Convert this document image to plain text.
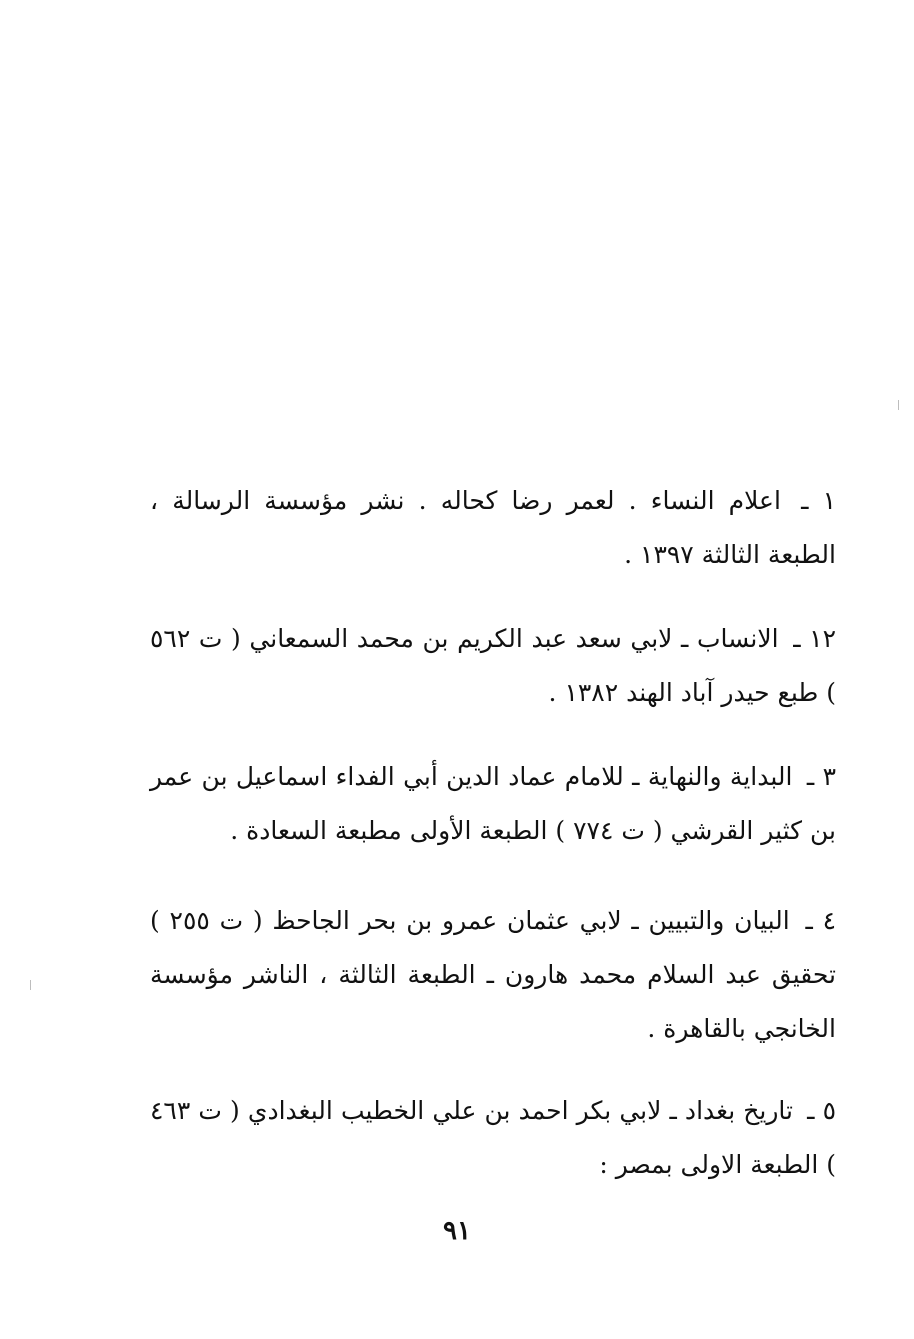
١ ـ اعلام النساء . لعمر رضا كحاله . نشر مؤسسة الرسالة ، الطبعة الثالثة ١٣٩٧ .

١٢ ـ الانساب ـ لابي سعد عبد الكريم بن محمد السمعاني ( ت ٥٦٢ ) طبع حيدر آباد الهند ١٣٨٢ .

٣ ـ البداية والنهاية ـ للامام عماد الدين أبي الفداء اسماعيل بن عمر بن كثير القرشي ( ت ٧٧٤ ) الطبعة الأولى مطبعة السعادة .

٤ ـ البيان والتبيين ـ لابي عثمان عمرو بن بحر الجاحظ ( ت ٢٥٥ ) تحقيق عبد السلام محمد هارون ـ الطبعة الثالثة ، الناشر مؤسسة الخانجي بالقاهرة .

٥ ـ تاريخ بغداد ـ لابي بكر احمد بن علي الخطيب البغدادي ( ت ٤٦٣ ) الطبعة الاولى بمصر :

٩١
